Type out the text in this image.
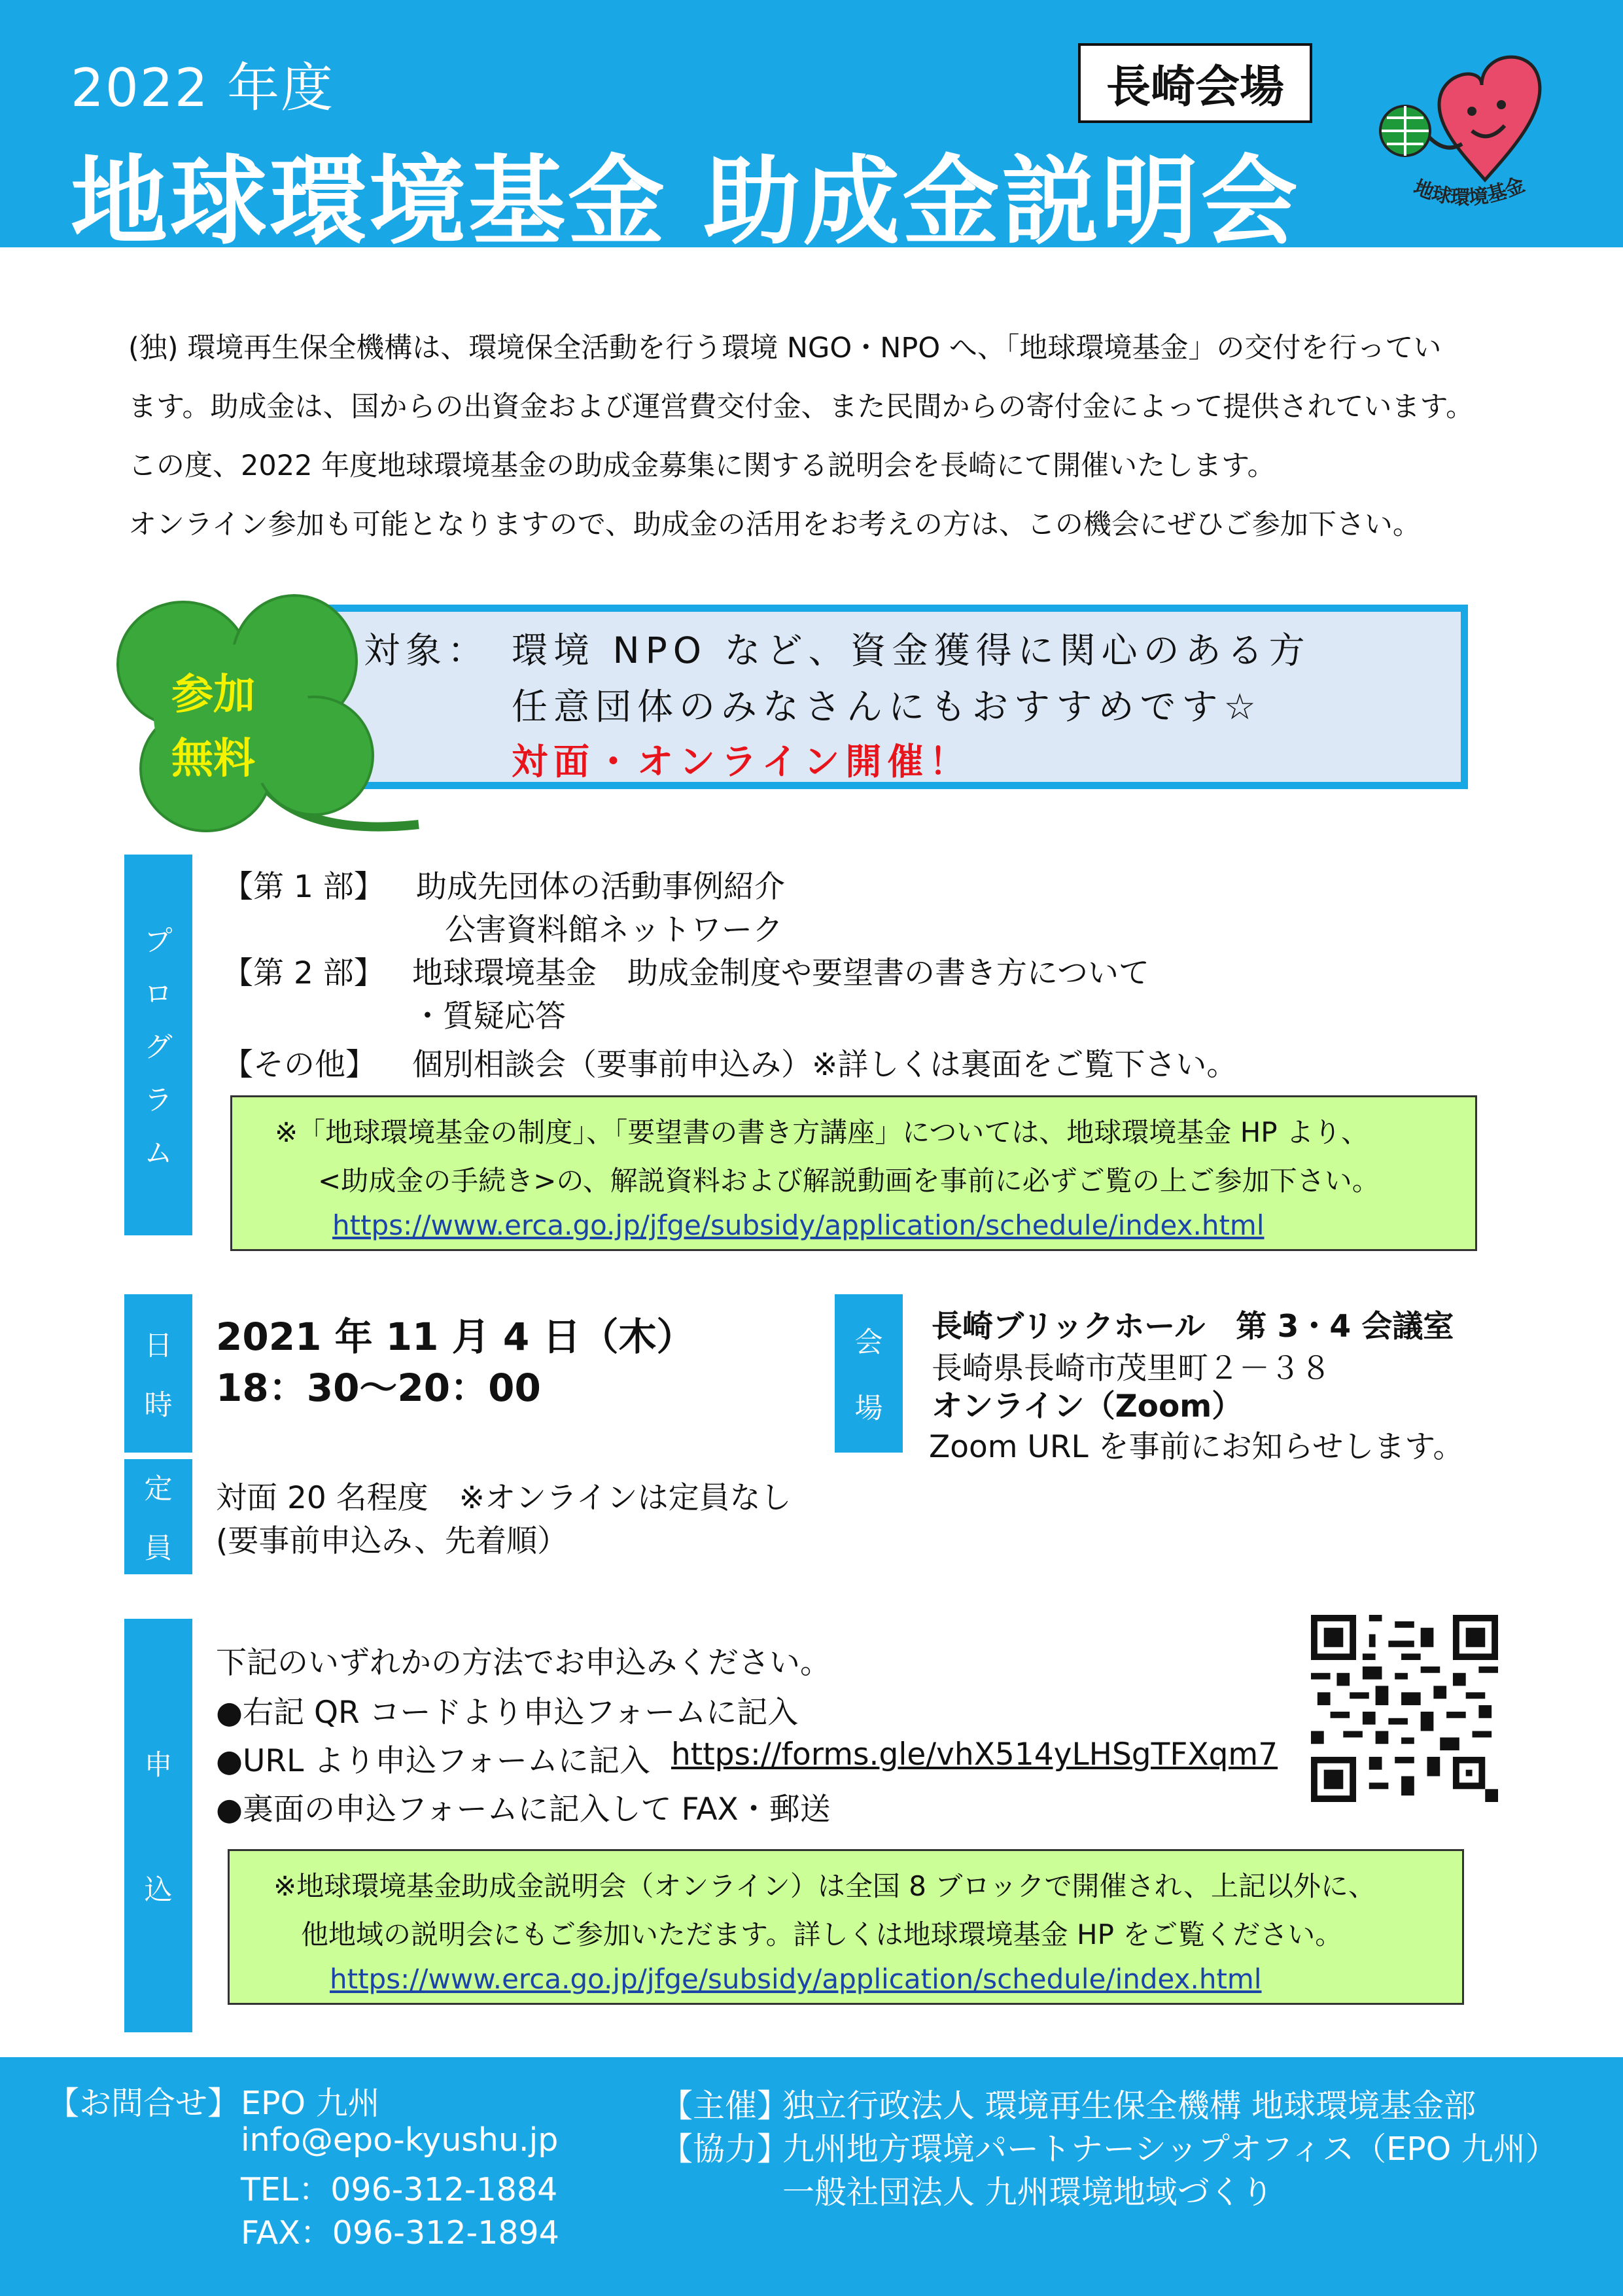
2022 年度
地球環境基金 助成金説明会
長崎会場
地球環境基金
(独) 環境再生保全機構は、環境保全活動を行う環境 NGO・NPO へ、「地球環境基金」の交付を行ってい
ます。助成金は、国からの出資金および運営費交付金、また民間からの寄付金によって提供されています。
この度、2022 年度地球環境基金の助成金募集に関する説明会を長崎にて開催いたします。
オンライン参加も可能となりますので、助成金の活用をお考えの方は、この機会にぜひご参加下さい。
対象： 環境 NPO など、資金獲得に関心のある方
任意団体のみなさんにもおすすめです☆
対面・オンライン開催！
参加
無料
プ
ロ
グ
ラ
ム
【第 1 部】 助成先団体の活動事例紹介
公害資料館ネットワーク
【第 2 部】 地球環境基金　助成金制度や要望書の書き方について
・質疑応答
【その他】 個別相談会（要事前申込み）※詳しくは裏面をご覧下さい。
※「地球環境基金の制度」、「要望書の書き方講座」については、地球環境基金 HP より、
<助成金の手続き>の、解説資料および解説動画を事前に必ずご覧の上ご参加下さい。
https://www.erca.go.jp/jfge/subsidy/application/schedule/index.html
日
時
2021 年 11 月 4 日（木）
18：30～20：00
会
場
長崎ブリックホール　第 3・4 会議室
長崎県長崎市茂里町２－３８
オンライン（Zoom）
Zoom URL を事前にお知らせします。
定
員
対面 20 名程度　※オンラインは定員なし
(要事前申込み、先着順）
申
込
下記のいずれかの方法でお申込みください。
●右記 QR コードより申込フォームに記入
●URL より申込フォームに記入 https://forms.gle/vhX514yLHSgTFXqm7
●裏面の申込フォームに記入して FAX・郵送
※地球環境基金助成金説明会（オンライン）は全国 8 ブロックで開催され、上記以外に、
他地域の説明会にもご参加いただます。詳しくは地球環境基金 HP をご覧ください。
https://www.erca.go.jp/jfge/subsidy/application/schedule/index.html
【お問合せ】 EPO 九州
info@epo-kyushu.jp
TEL：096-312-1884
FAX：096-312-1894
【主催】
独立行政法人 環境再生保全機構 地球環境基金部
【協力】
九州地方環境パートナーシップオフィス（EPO 九州）
一般社団法人 九州環境地域づくり
